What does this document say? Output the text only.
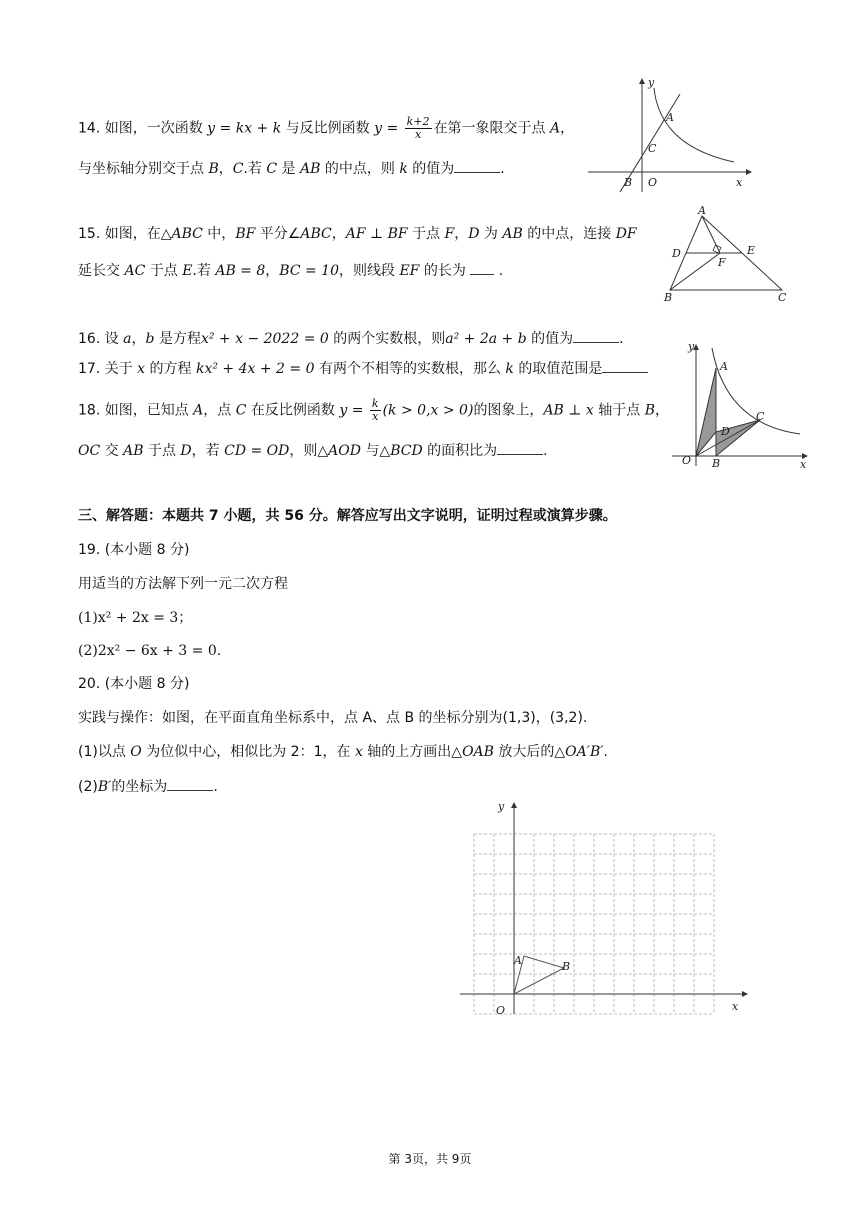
14. 如图，一次函数 y = kx + k 与反比例函数 $y = \frac{k+2}{x}$ 在第一象限交于点 A，
与坐标轴分别交于点 B，C.若 C 是 AB 的中点，则 k 的值为	.
y
x
A
C
B O
15. 如图，在△ABC 中，BF 平分∠ABC，AF ⊥ BF 于点 F，D 为 AB 的中点，连接 DF
延长交 AC 于点 E.若 AB = 8，BC = 10，则线段 EF 的长为  .
A
D	E
F
B	C
16. 设 a，b 是方程x² + x − 2022 = 0 的两个实数根，则a² + 2a + b 的值为	.
17. 关于 x 的方程 kx² + 4x + 2 = 0 有两个不相等的实数根，那么 k 的取值范围是
18. 如图，已知点 A，点 C 在反比例函数 $y = \frac{k}{x} (k > 0,x > 0)$的图象上，AB ⊥ x 轴于点 B，
OC 交 AB 于点 D，若 CD = OD，则△AOD 与△BCD 的面积比为	.
y
x
A
C
D
O B
三、解答题：本题共 7 小题，共 56 分。解答应写出文字说明，证明过程或演算步骤。
19. (本小题 8 分)
用适当的方法解下列一元二次方程
(1)x² + 2x = 3；
(2)2x² − 6x + 3 = 0.
20. (本小题 8 分)
实践与操作：如图，在平面直角坐标系中，点 A、点 B 的坐标分别为(1,3)，(3,2).
(1)以点 O 为位似中心，相似比为 2：1，在 x 轴的上方画出△OAB 放大后的△OA′B′.
(2)B′的坐标为	.
y
x
A	B
O
第 3页，共 9页
